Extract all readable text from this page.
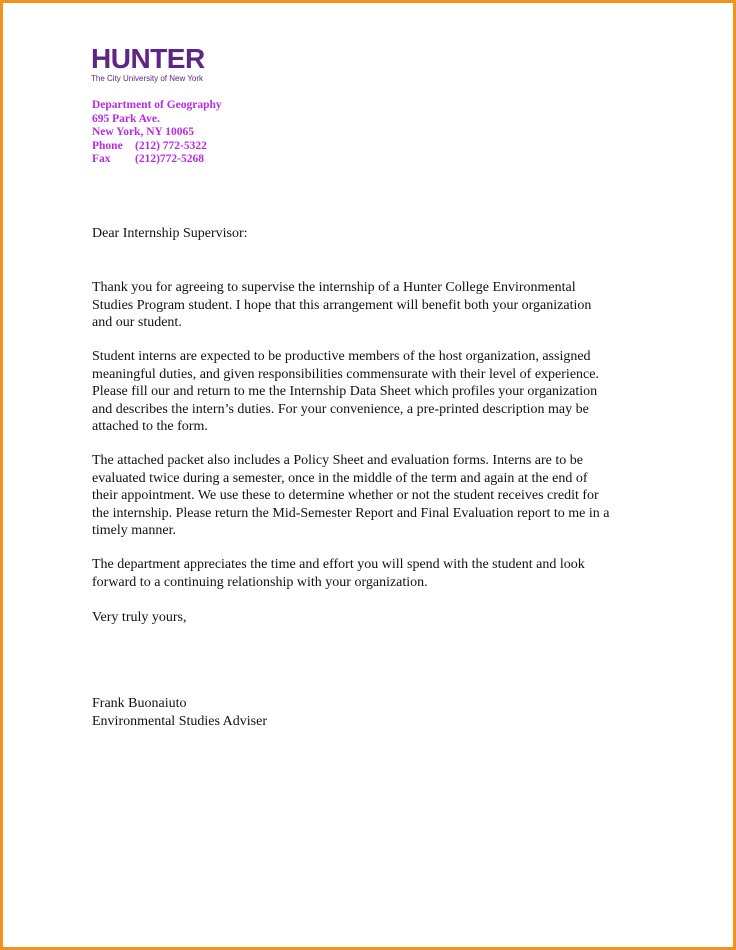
HUNTER
The City University of New York
Department of Geography
695 Park Ave.
New York, NY 10065
Phone	(212) 772-5322
Fax	(212)772-5268

Dear Internship Supervisor:

Thank you for agreeing to supervise the internship of a Hunter College Environmental

Studies Program student. I hope that this arrangement will benefit both your organization

and our student.

Student interns are expected to be productive members of the host organization, assigned

meaningful duties, and given responsibilities commensurate with their level of experience.

Please fill our and return to me the Internship Data Sheet which profiles your organization

and describes the intern’s duties. For your convenience, a pre-printed description may be

attached to the form.

The attached packet also includes a Policy Sheet and evaluation forms. Interns are to be

evaluated twice during a semester, once in the middle of the term and again at the end of

their appointment. We use these to determine whether or not the student receives credit for

the internship. Please return the Mid-Semester Report and Final Evaluation report to me in a

timely manner.

The department appreciates the time and effort you will spend with the student and look

forward to a continuing relationship with your organization.

Very truly yours,

Frank Buonaiuto

Environmental Studies Adviser
